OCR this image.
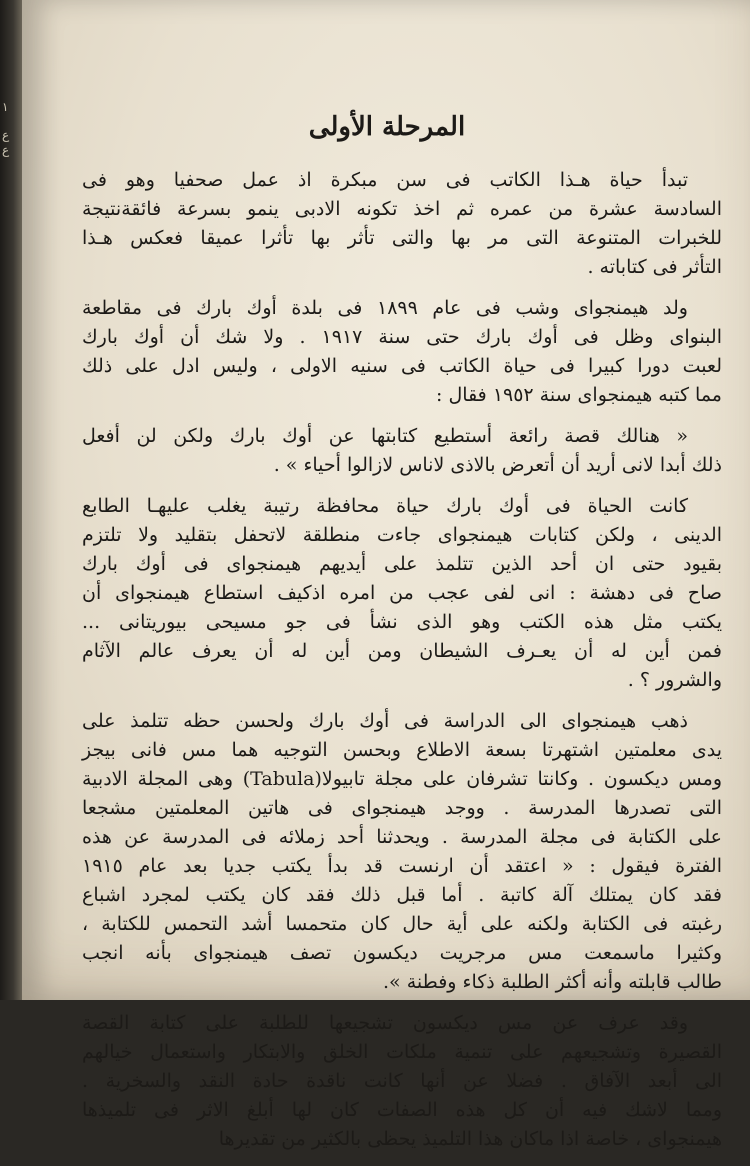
١
ع
ع
المرحلة الأولى
تبدأ حياة هـذا الكاتب فى سن مبكرة اذ عمل صحفيا وهو فى
السادسة عشرة من عمره ثم اخذ تكونه الادبى ينمو بسرعة فائقةنتيجة
للخبرات المتنوعة التى مر بها والتى تأثر بها تأثرا عميقا فعكس هـذا
التأثر فى كتاباته .
ولد هيمنجواى وشب فى عام ١٨٩٩ فى بلدة أوك بارك فى مقاطعة
البنواى وظل فى أوك بارك حتى سنة ١٩١٧ . ولا شك أن أوك بارك
لعبت دورا كبيرا فى حياة الكاتب فى سنيه الاولى ، وليس ادل على ذلك
مما كتبه هيمنجواى سنة ١٩٥٢ فقال :
« هنالك قصة رائعة أستطيع كتابتها عن أوك بارك ولكن لن أفعل
ذلك أبدا لانى أريد أن أتعرض بالاذى لاناس لازالوا أحياء » .
كانت الحياة فى أوك بارك حياة محافظة رتيبة يغلب عليهـا الطابع
الدينى ، ولكن كتابات هيمنجواى جاءت منطلقة لاتحفل بتقليد ولا تلتزم
بقيود حتى ان أحد الذين تتلمذ على أيديهم هيمنجواى فى أوك بارك
صاح فى دهشة : انى لفى عجب من امره اذكيف استطاع هيمنجواى أن
يكتب مثل هذه الكتب وهو الذى نشأ فى جو مسيحى بيوريتانى ...
فمن أين له أن يعـرف الشيطان ومن أين له أن يعرف عالم الآثام
والشرور ؟ .
ذهب هيمنجواى الى الدراسة فى أوك بارك ولحسن حظه تتلمذ على
يدى معلمتين اشتهرتا بسعة الاطلاع وبحسن التوجيه هما مس فانى بيجز
ومس ديكسون . وكانتا تشرفان على مجلة تابيولا(Tabula) وهى المجلة الادبية
التى تصدرها المدرسة . ووجد هيمنجواى فى هاتين المعلمتين مشجعا
على الكتابة فى مجلة المدرسة . ويحدثنا أحد زملائه فى المدرسة عن هذه
الفترة فيقول : « اعتقد أن ارنست قد بدأ يكتب جديا بعد عام ١٩١٥
فقد كان يمتلك آلة كاتبة . أما قبل ذلك فقد كان يكتب لمجرد اشباع
رغبته فى الكتابة ولكنه على أية حال كان متحمسا أشد التحمس للكتابة ،
وكثيرا ماسمعت مس مرجريت ديكسون تصف هيمنجواى بأنه انجب
طالب قابلته وأنه أكثر الطلبة ذكاء وفطنة ».
وقد عرف عن مس ديكسون تشجيعها للطلبة على كتابة القصة
القصيرة وتشجيعهم على تنمية ملكات الخلق والابتكار واستعمال خيالهم
الى أبعد الآفاق . فضلا عن أنها كانت ناقدة حادة النقد والسخرية .
ومما لاشك فيه أن كل هذه الصفات كان لها أبلغ الاثر فى تلميذها
هيمنجواى ، خاصة اذا ماكان هذا التلميذ يحظى بالكثير من تقديرها
